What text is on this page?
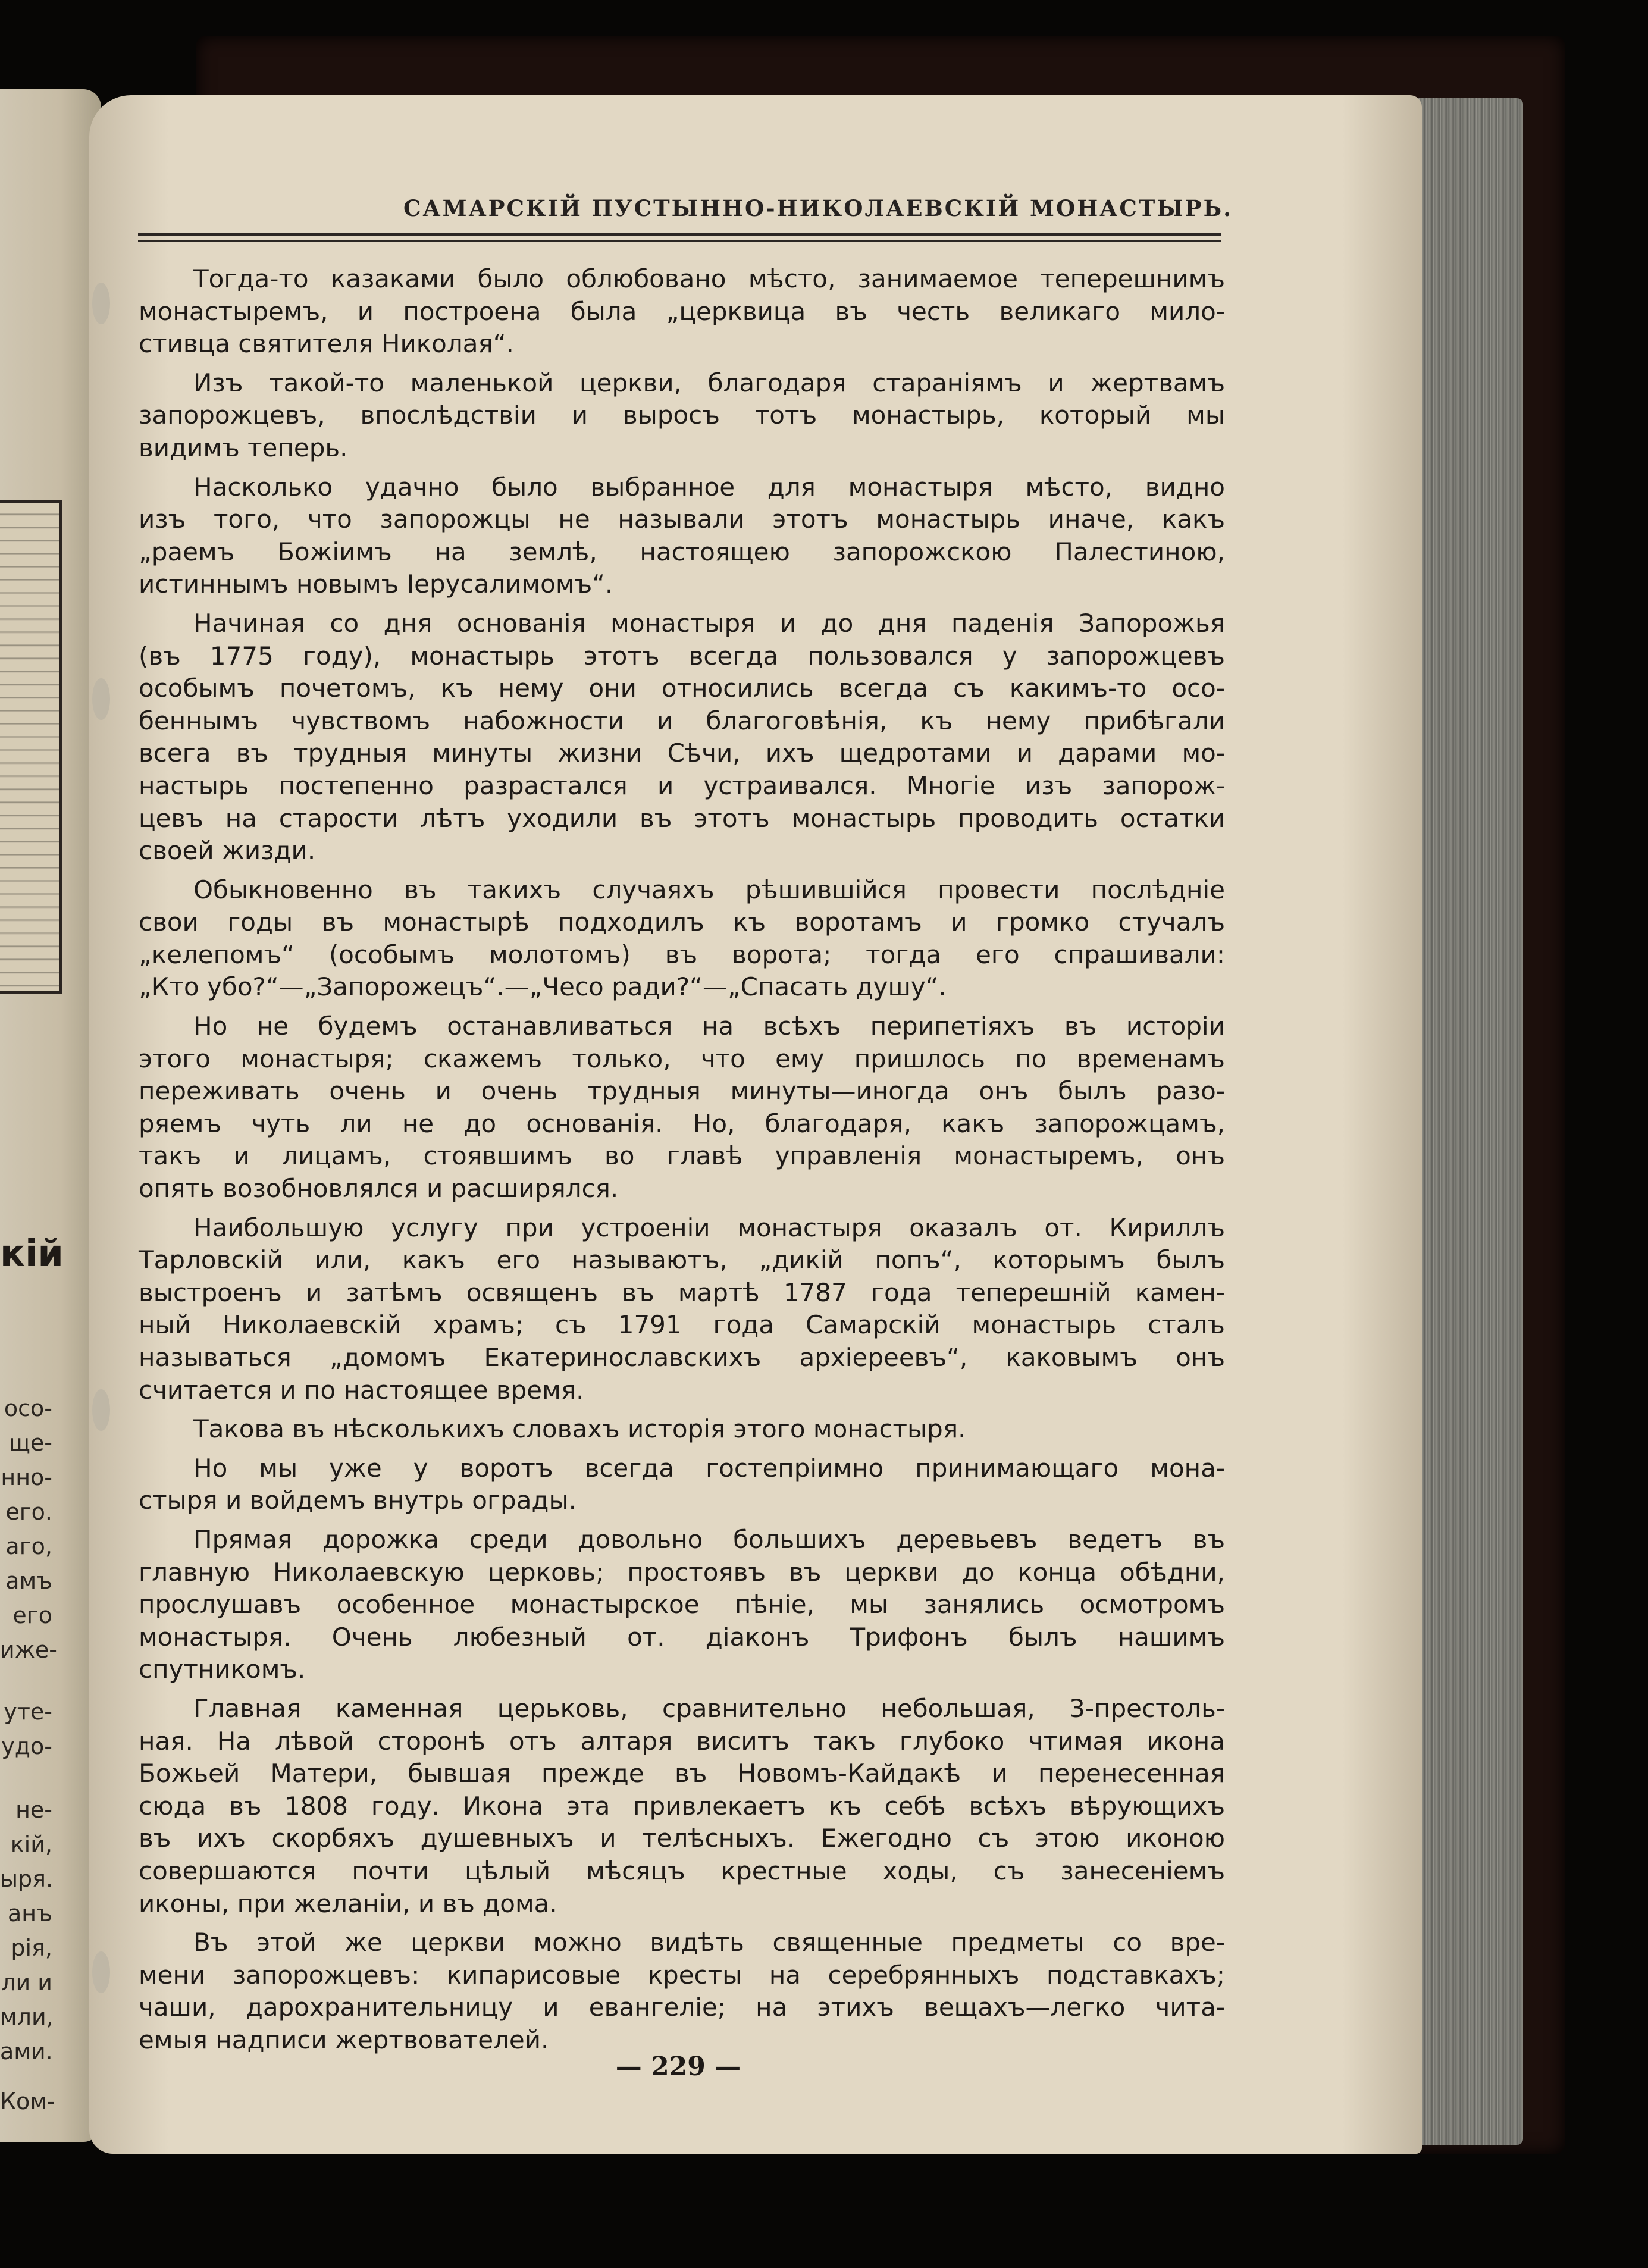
кій
осо-
ще-
нно-
его.
аго,
амъ
его
иже-
уте-
удо-
не-
кій,
ыря.
анъ
рія,
ли и
мли,
ами.
Ком-
САМАРСКІЙ ПУСТЫННО-НИКОЛАЕВСКІЙ МОНАСТЫРЬ.

Тогда-то казаками было облюбовано мѣсто, занимаемое теперешнимъ
монастыремъ, и построена была „церквица въ честь великаго мило-
стивца святителя Николая“.

Изъ такой-то маленькой церкви, благодаря стараніямъ и жертвамъ
запорожцевъ, впослѣдствіи и выросъ тотъ монастырь, который мы
видимъ теперь.

Насколько удачно было выбранное для монастыря мѣсто, видно
изъ того, что запорожцы не называли этотъ монастырь иначе, какъ
„раемъ Божіимъ на землѣ, настоящею запорожскою Палестиною,
истиннымъ новымъ Іерусалимомъ“.

Начиная со дня основанія монастыря и до дня паденія Запорожья
(въ 1775 году), монастырь этотъ всегда пользовался у запорожцевъ
особымъ почетомъ, къ нему они относились всегда съ какимъ-то осо-
беннымъ чувствомъ набожности и благоговѣнія, къ нему прибѣгали
всега въ трудныя минуты жизни Сѣчи, ихъ щедротами и дарами мо-
настырь постепенно разрастался и устраивался. Многіе изъ запорож-
цевъ на старости лѣтъ уходили въ этотъ монастырь проводить остатки
своей жизди.

Обыкновенно въ такихъ случаяхъ рѣшившійся провести послѣдніе
свои годы въ монастырѣ подходилъ къ воротамъ и громко стучалъ
„келепомъ“ (особымъ молотомъ) въ ворота; тогда его спрашивали:
„Кто убо?“—„Запорожецъ“.—„Чесо ради?“—„Спасать душу“.

Но не будемъ останавливаться на всѣхъ перипетіяхъ въ исторіи
этого монастыря; скажемъ только, что ему пришлось по временамъ
переживать очень и очень трудныя минуты—иногда онъ былъ разо-
ряемъ чуть ли не до основанія. Но, благодаря, какъ запорожцамъ,
такъ и лицамъ, стоявшимъ во главѣ управленія монастыремъ, онъ
опять возобновлялся и расширялся.

Наибольшую услугу при устроеніи монастыря оказалъ от. Кириллъ
Тарловскій или, какъ его называютъ, „дикій попъ“, которымъ былъ
выстроенъ и затѣмъ освященъ въ мартѣ 1787 года теперешній камен-
ный Николаевскій храмъ; съ 1791 года Самарскій монастырь сталъ
называться „домомъ Екатеринославскихъ архіереевъ“, каковымъ онъ
считается и по настоящее время.

Такова въ нѣсколькихъ словахъ исторія этого монастыря.

Но мы уже у воротъ всегда гостепріимно принимающаго мона-
стыря и войдемъ внутрь ограды.

Прямая дорожка среди довольно большихъ деревьевъ ведетъ въ
главную Николаевскую церковь; простоявъ въ церкви до конца обѣдни,
прослушавъ особенное монастырское пѣніе, мы занялись осмотромъ
монастыря. Очень любезный от. діаконъ Трифонъ былъ нашимъ
спутникомъ.

Главная каменная церьковь, сравнительно небольшая, 3-престоль-
ная. На лѣвой сторонѣ отъ алтаря виситъ такъ глубоко чтимая икона
Божьей Матери, бывшая прежде въ Новомъ-Кайдакѣ и перенесенная
сюда въ 1808 году. Икона эта привлекаетъ къ себѣ всѣхъ вѣрующихъ
въ ихъ скорбяхъ душевныхъ и телѣсныхъ. Ежегодно съ этою иконою
совершаются почти цѣлый мѣсяцъ крестные ходы, съ занесеніемъ
иконы, при желаніи, и въ дома.

Въ этой же церкви можно видѣть священные предметы со вре-
мени запорожцевъ: кипарисовые кресты на серебрянныхъ подставкахъ;
чаши, дарохранительницу и евангеліе; на этихъ вещахъ—легко чита-
емыя надписи жертвователей.

— 229 —
